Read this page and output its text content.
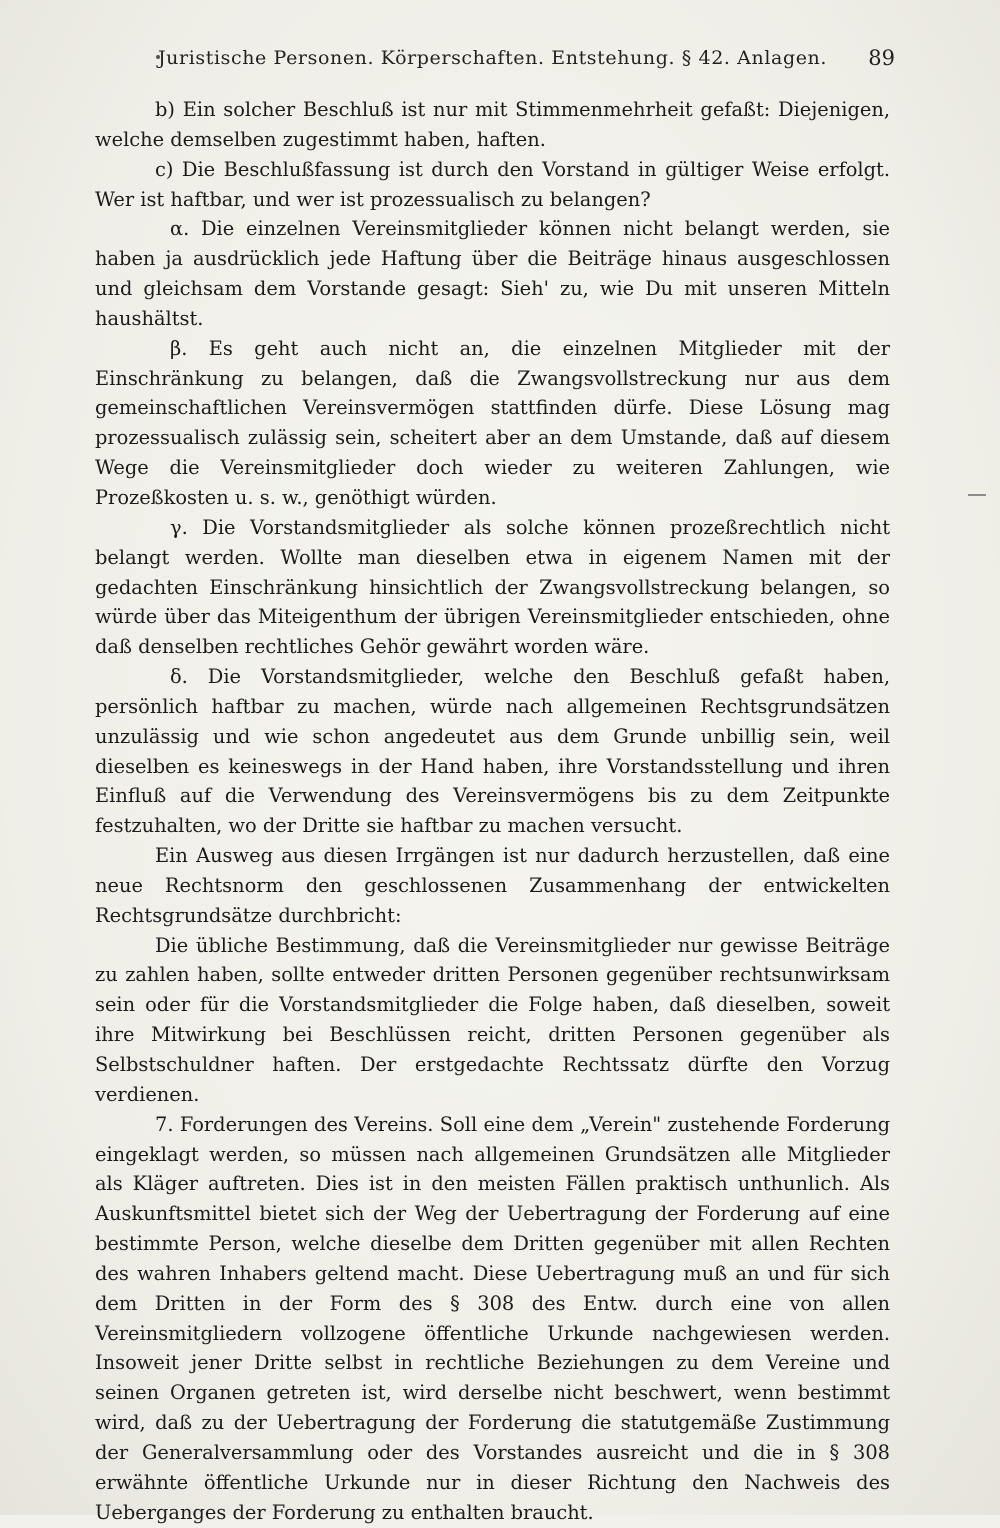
Juristische Personen. Körperschaften. Entstehung. § 42. Anlagen.	89

b) Ein solcher Beschluß ist nur mit Stimmenmehrheit gefaßt: Diejenigen, welche demselben zugestimmt haben, haften.

c) Die Beschlußfassung ist durch den Vorstand in gültiger Weise erfolgt. Wer ist haftbar, und wer ist prozessualisch zu belangen?

α. Die einzelnen Vereinsmitglieder können nicht belangt werden, sie haben ja ausdrücklich jede Haftung über die Beiträge hinaus ausgeschlossen und gleichsam dem Vorstande gesagt: Sieh' zu, wie Du mit unseren Mitteln haushältst.

β. Es geht auch nicht an, die einzelnen Mitglieder mit der Einschränkung zu belangen, daß die Zwangsvollstreckung nur aus dem gemeinschaftlichen Vereinsvermögen stattfinden dürfe. Diese Lösung mag prozessualisch zulässig sein, scheitert aber an dem Umstande, daß auf diesem Wege die Vereinsmitglieder doch wieder zu weiteren Zahlungen, wie Prozeßkosten u. s. w., genöthigt würden.

γ. Die Vorstandsmitglieder als solche können prozeßrechtlich nicht belangt werden. Wollte man dieselben etwa in eigenem Namen mit der gedachten Einschränkung hinsichtlich der Zwangsvollstreckung belangen, so würde über das Miteigenthum der übrigen Vereinsmitglieder entschieden, ohne daß denselben rechtliches Gehör gewährt worden wäre.

δ. Die Vorstandsmitglieder, welche den Beschluß gefaßt haben, persönlich haftbar zu machen, würde nach allgemeinen Rechtsgrundsätzen unzulässig und wie schon angedeutet aus dem Grunde unbillig sein, weil dieselben es keineswegs in der Hand haben, ihre Vorstandsstellung und ihren Einfluß auf die Verwendung des Vereinsvermögens bis zu dem Zeitpunkte festzuhalten, wo der Dritte sie haftbar zu machen versucht.

Ein Ausweg aus diesen Irrgängen ist nur dadurch herzustellen, daß eine neue Rechtsnorm den geschlossenen Zusammenhang der entwickelten Rechtsgrundsätze durchbricht:

Die übliche Bestimmung, daß die Vereinsmitglieder nur gewisse Beiträge zu zahlen haben, sollte entweder dritten Personen gegenüber rechtsunwirksam sein oder für die Vorstandsmitglieder die Folge haben, daß dieselben, soweit ihre Mitwirkung bei Beschlüssen reicht, dritten Personen gegenüber als Selbstschuldner haften. Der erstgedachte Rechtssatz dürfte den Vorzug verdienen.

7. Forderungen des Vereins. Soll eine dem „Verein" zustehende Forderung eingeklagt werden, so müssen nach allgemeinen Grundsätzen alle Mitglieder als Kläger auftreten. Dies ist in den meisten Fällen praktisch unthunlich. Als Auskunftsmittel bietet sich der Weg der Uebertragung der Forderung auf eine bestimmte Person, welche dieselbe dem Dritten gegenüber mit allen Rechten des wahren Inhabers geltend macht. Diese Uebertragung muß an und für sich dem Dritten in der Form des § 308 des Entw. durch eine von allen Vereinsmitgliedern vollzogene öffentliche Urkunde nachgewiesen werden. Insoweit jener Dritte selbst in rechtliche Beziehungen zu dem Vereine und seinen Organen getreten ist, wird derselbe nicht beschwert, wenn bestimmt wird, daß zu der Uebertragung der Forderung die statutgemäße Zustimmung der Generalversammlung oder des Vorstandes ausreicht und die in § 308 erwähnte öffentliche Urkunde nur in dieser Richtung den Nachweis des Ueberganges der Forderung zu enthalten braucht.
